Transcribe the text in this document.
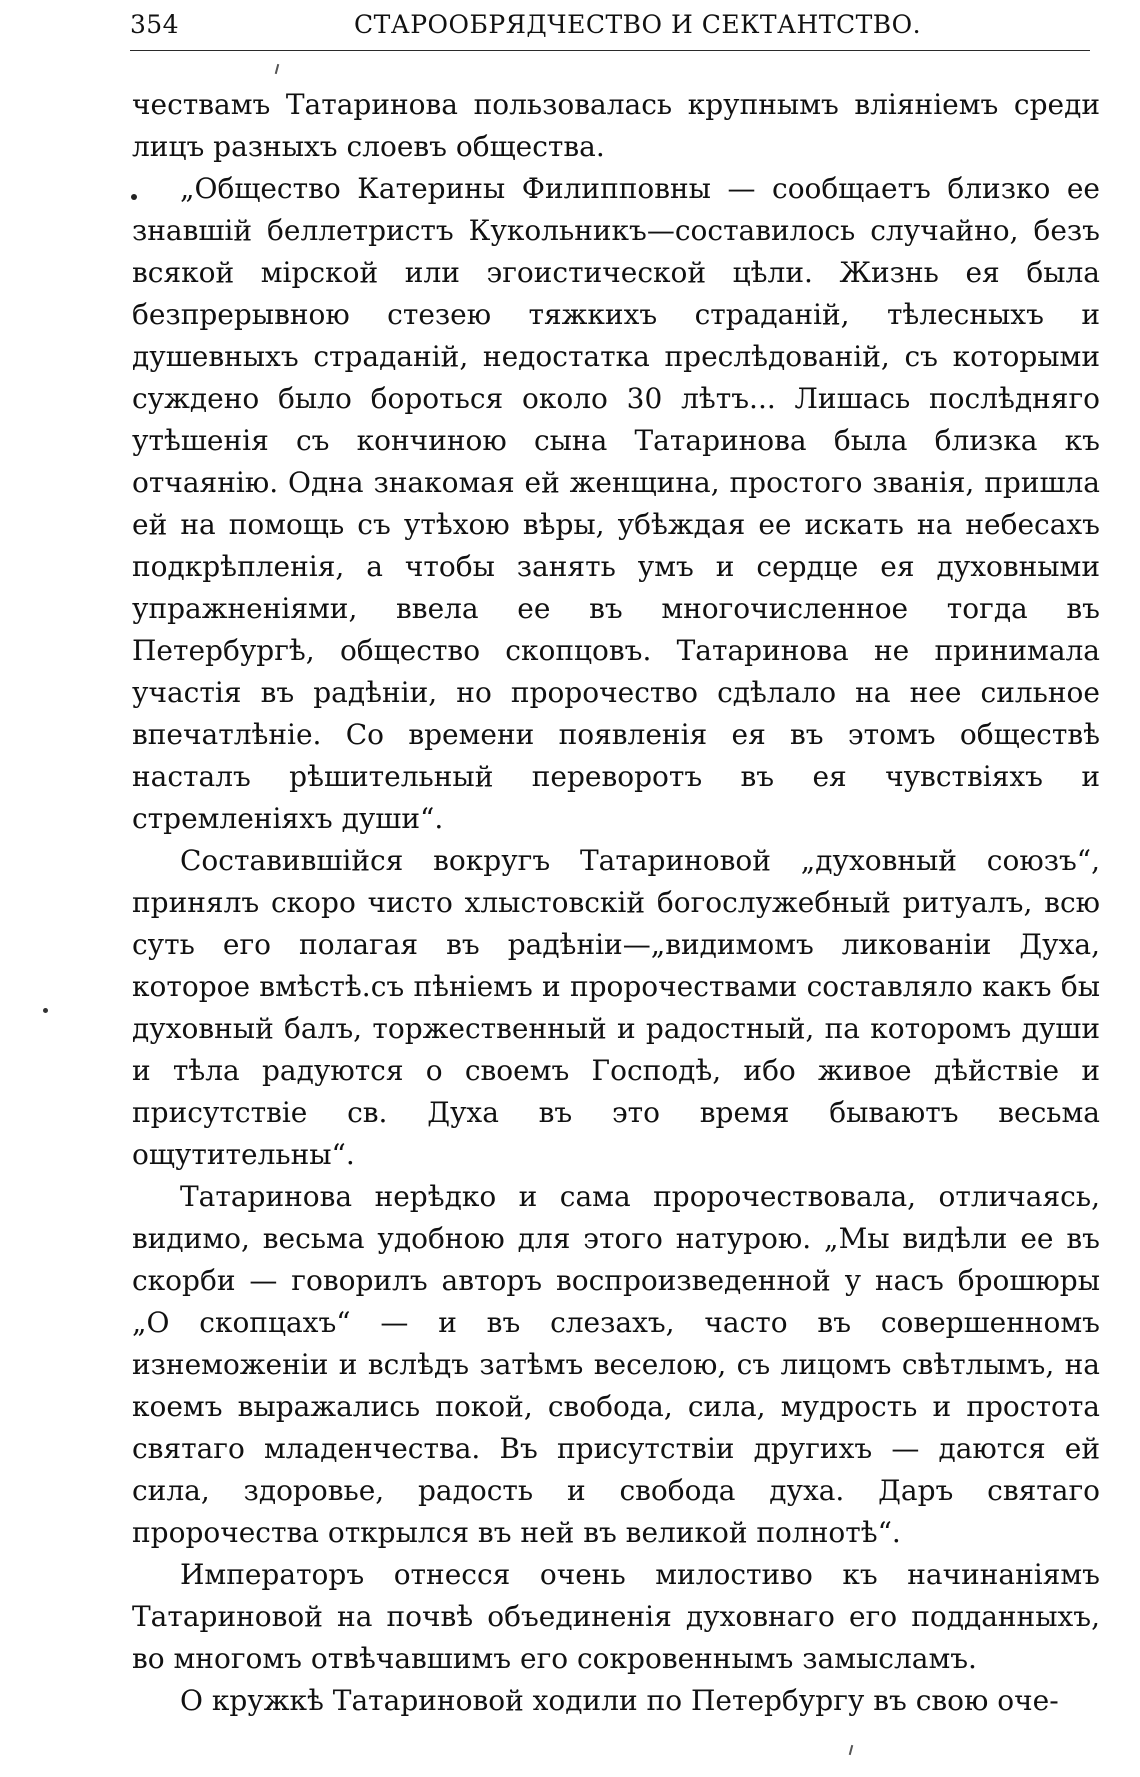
354	СТАРООБРЯДЧЕСТВО И СЕКТАНТСТВО.

чествамъ Татаринова пользовалась крупнымъ вліяніемъ среди лицъ разныхъ слоевъ общества.

„Общество Катерины Филипповны — сообщаетъ близко ее знавшій беллетристъ Кукольникъ—составилось случайно, безъ всякой мірской или эгоистической цѣли. Жизнь ея была безпрерывною стезею тяжкихъ страданій, тѣлесныхъ и душевныхъ страданій, недостатка преслѣдованій, съ которыми суждено было бороться около 30 лѣтъ... Лишась послѣдняго утѣшенія съ кончиною сына Татаринова была близка къ отчаянію. Одна знакомая ей женщина, простого званія, пришла ей на помощь съ утѣхою вѣры, убѣждая ее искать на небесахъ подкрѣпленія, а чтобы занять умъ и сердце ея духовными упражненіями, ввела ее въ многочисленное тогда въ Петербургѣ, общество скопцовъ. Татаринова не принимала участія въ радѣніи, но пророчество сдѣлало на нее сильное впечатлѣніе. Со времени появленія ея въ этомъ обществѣ насталъ рѣшительный переворотъ въ ея чувствіяхъ и стремленіяхъ души“.

Составившійся вокругъ Татариновой „духовный союзъ“, принялъ скоро чисто хлыстовскій богослужебный ритуалъ, всю суть его полагая въ радѣніи—„видимомъ ликованіи Духа, которое вмѣстѣ.съ пѣніемъ и пророчествами составляло какъ бы духовный балъ, торжественный и радостный, па которомъ души и тѣла радуются о своемъ Господѣ, ибо живое дѣйствіе и присутствіе св. Духа въ это время бываютъ весьма ощутительны“.

Татаринова нерѣдко и сама пророчествовала, отличаясь, видимо, весьма удобною для этого натурою. „Мы видѣли ее въ скорби — говорилъ авторъ воспроизведенной у насъ брошюры „О скопцахъ“ — и въ слезахъ, часто въ совершенномъ изнеможеніи и вслѣдъ затѣмъ веселою, съ лицомъ свѣтлымъ, на коемъ выражались покой, свобода, сила, мудрость и простота святаго младенчества. Въ присутствіи другихъ — даются ей сила, здоровье, радость и свобода духа. Даръ святаго пророчества открылся въ ней въ великой полнотѣ“.

Императоръ отнесся очень милостиво къ начинаніямъ Татариновой на почвѣ объединенія духовнаго его подданныхъ, во многомъ отвѣчавшимъ его сокровеннымъ замысламъ.

О кружкѣ Татариновой ходили по Петербургу въ свою оче-
